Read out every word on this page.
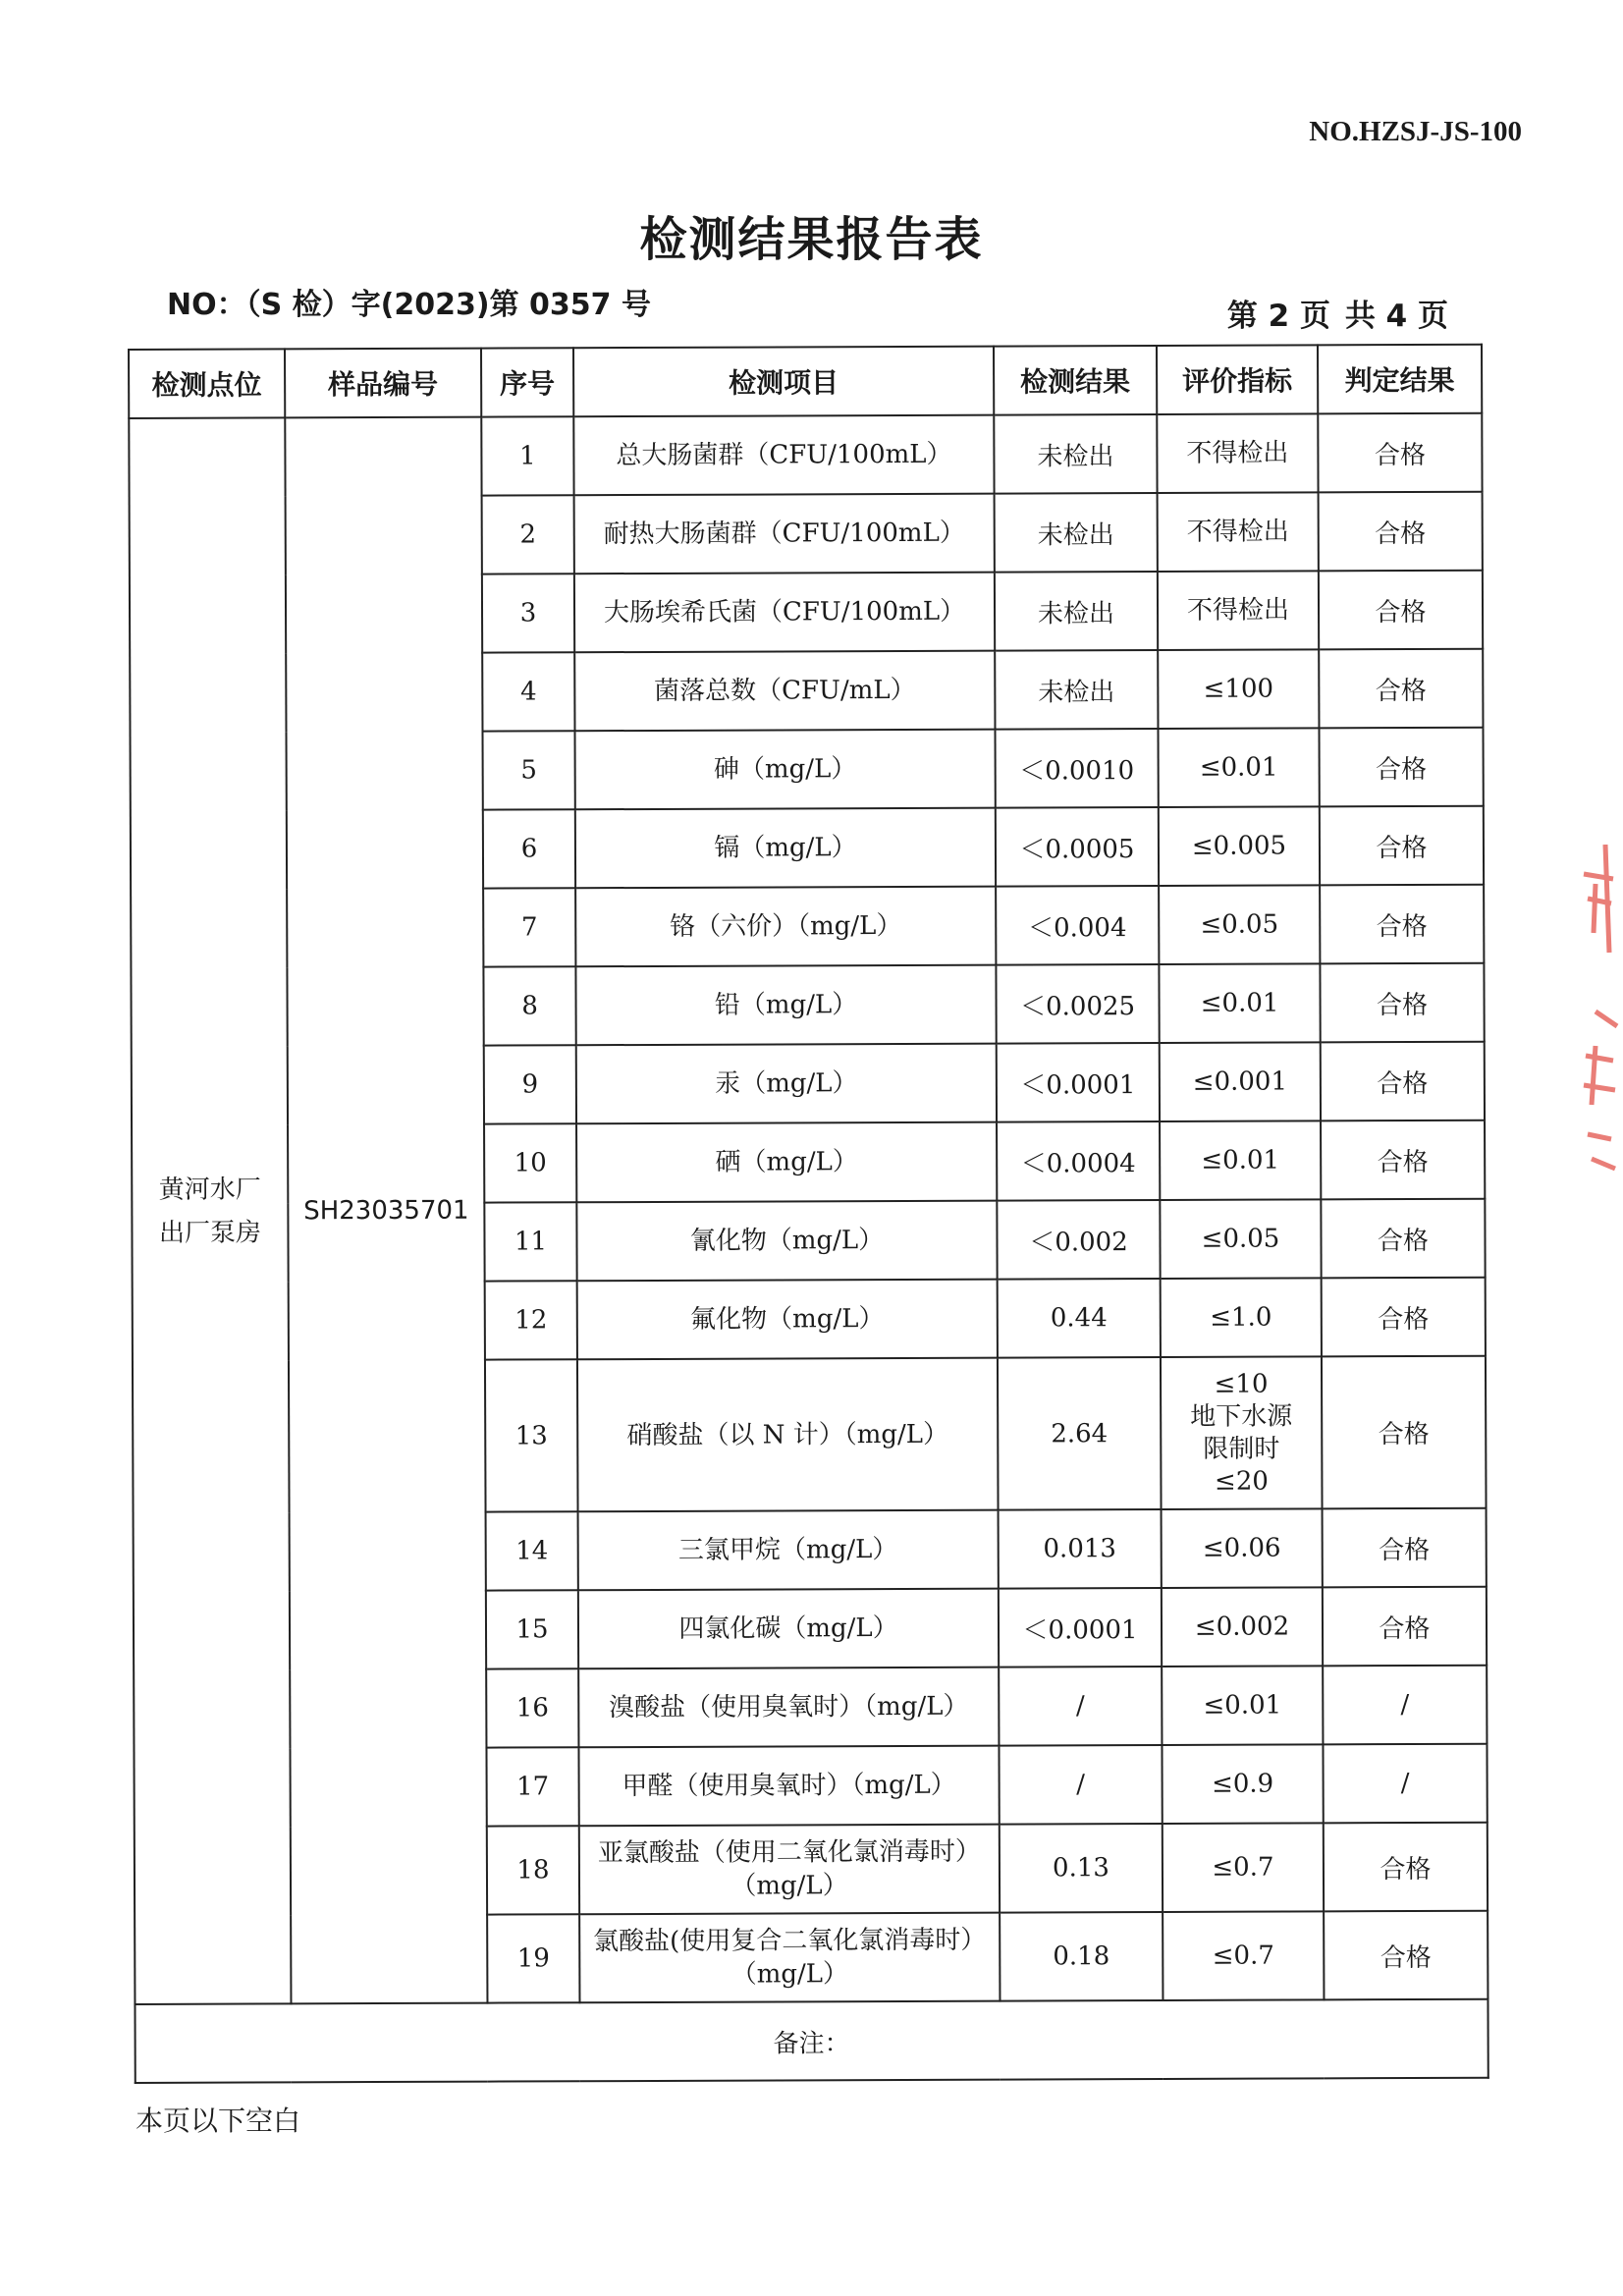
NO.HZSJ-JS-100
检测结果报告表
NO：（S 检）字(2023)第 0357 号	第 2 页 共 4 页
检测点位	样品编号	序号	检测项目	检测结果	评价指标	判定结果

黄河水厂
出厂泵房	SH23035701	1	总大肠菌群（CFU/100mL）	未检出	不得检出	合格
		2	耐热大肠菌群（CFU/100mL）	未检出	不得检出	合格
		3	大肠埃希氏菌（CFU/100mL）	未检出	不得检出	合格
		4	菌落总数（CFU/mL）	未检出	≤100	合格
		5	砷（mg/L）	＜0.0010	≤0.01	合格
		6	镉（mg/L）	＜0.0005	≤0.005	合格
		7	铬（六价）（mg/L）	＜0.004	≤0.05	合格
		8	铅（mg/L）	＜0.0025	≤0.01	合格
		9	汞（mg/L）	＜0.0001	≤0.001	合格
		10	硒（mg/L）	＜0.0004	≤0.01	合格
		11	氰化物（mg/L）	＜0.002	≤0.05	合格
		12	氟化物（mg/L）	0.44	≤1.0	合格
		13	硝酸盐（以 N 计）（mg/L）	2.64	≤10
地下水源
限制时
≤20	合格
		14	三氯甲烷（mg/L）	0.013	≤0.06	合格
		15	四氯化碳（mg/L）	＜0.0001	≤0.002	合格
		16	溴酸盐（使用臭氧时）（mg/L）	/	≤0.01	/
		17	甲醛（使用臭氧时）（mg/L）	/	≤0.9	/
		18	亚氯酸盐（使用二氧化氯消毒时）（mg/L）	0.13	≤0.7	合格
		19	氯酸盐(使用复合二氧化氯消毒时）（mg/L）	0.18	≤0.7	合格
备注：						
本页以下空白
